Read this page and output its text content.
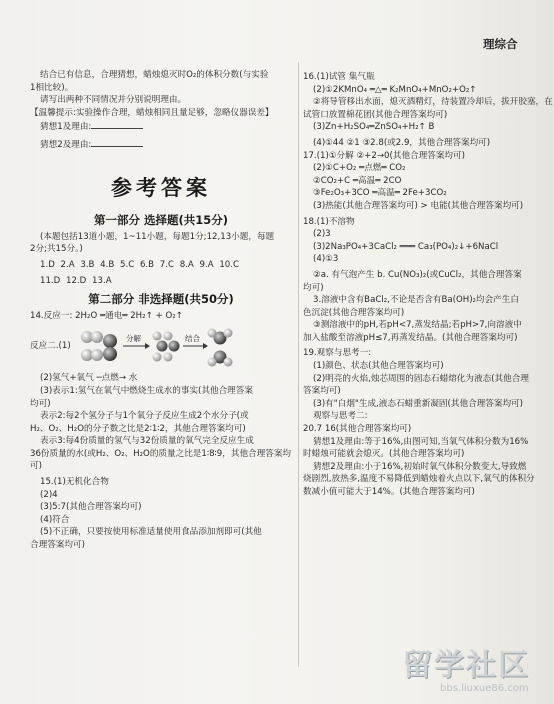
理综合
结合已有信息，合理猜想，蜡烛熄灭时O₂的体积分数(与实验
1相比较)。
请写出两种不同情况并分别说明理由。
【温馨提示:实验操作合理，蜡烛相同且量足够，忽略仪器误差】
猜想1及理由:
猜想2及理由:
参考答案
第一部分 选择题(共15分)
(本题包括13道小题，1~11小题，每题1分;12,13小题，每题
2分;共15分。)
1.D 2.A 3.B 4.B 5.C 6.B 7.C 8.A 9.A 10.C
11.D 12.D 13.A
第二部分 非选择题(共50分)
14.反应一: 2H₂O ═通电═ 2H₂↑ + O₂↑
反应二.(1)
分解	结合
(2)氢气+氧气 ─点燃→ 水
(3)表示1:氢气在氧气中燃烧生成水的事实(其他合理答案
均可)
表示2:每2个氢分子与1个氧分子反应生成2个水分子(或
H₂、O₂、H₂O的分子数之比是2∶1∶2，其他合理答案均可)
表示3:每4份质量的氢气与32份质量的氧气完全反应生成
36份质量的水(或H₂、O₂、H₂O的质量之比是1∶8∶9，其他合理答案均
可)
15.(1)无机化合物
(2)4
(3)5:7(其他合理答案均可)
(4)符合
(5)不正确，只要按使用标准适量使用食品添加剂即可(其他
合理答案均可)
16.(1)试管 集气瓶
(2)①2KMnO₄ ═△═ K₂MnO₄+MnO₂+O₂↑
②将导管移出水面，熄灭酒精灯，待装置冷却后，拔开胶塞，在
试管口放置棉花团(其他合理答案均可)
(3)Zn+H₂SO₄═ZnSO₄+H₂↑ B
(4)①44 ②1 ③2.8(或2.9，其他合理答案均可)
17.(1)①分解 ②+2→0(其他合理答案均可)
(2)①C+O₂ ═点燃═ CO₂
②CO₂+C ═高温═ 2CO
③Fe₂O₃+3CO ═高温═ 2Fe+3CO₂
(3)热能(其他合理答案均可) > 电能(其他合理答案均可)
18.(1)不溶物
(2)3
(3)2Na₃PO₄+3CaCl₂ ═══ Ca₃(PO₄)₂↓+6NaCl
(4)①3
②a. 有气泡产生 b. Cu(NO₃)₂(或CuCl₂，其他合理答案
均可)
3.溶液中含有BaCl₂,不论是否含有Ba(OH)₂均会产生白
色沉淀(其他合理答案均可)
③测溶液中的pH,若pH<7,蒸发结晶;若pH>7,向溶液中
加入盐酸至溶液pH≤7,再蒸发结晶。(其他合理答案均可)
19.观察与思考一:
(1)颜色、状态(其他合理答案均可)
(2)明亮的火焰,烛芯周围的固态石蜡熔化为液态(其他合理
答案均可)
(3)有"白烟"生成,液态石蜡重新凝固(其他合理答案均可)
观察与思考二:
20.7 16(其他合理答案均可)
猜想1及理由:等于16%,由图可知,当氧气体积分数为16%
时蜡烛可能就会熄灭。(其他合理答案均可)
猜想2及理由:小于16%,初始时氧气体积分数变大,导致燃
烧剧烈,放热多,温度不易降低到蜡烛着火点以下,氧气的体积分
数减小值可能大于14%。(其他合理答案均可)
留学社区
bbs.liuxue86.com
